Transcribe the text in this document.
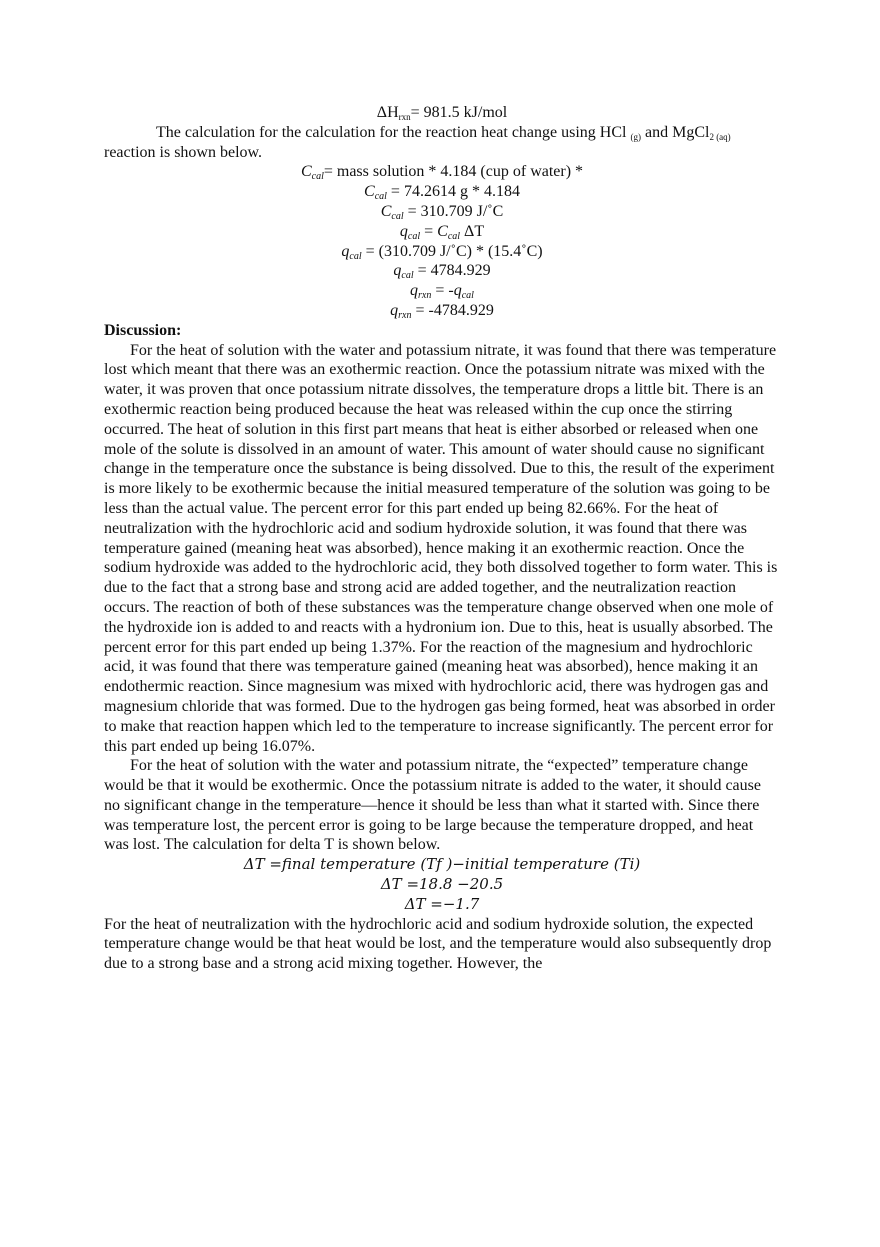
$\Delta H_{rxn}= 981.5$ kJ/mol

The calculation for the calculation for the reaction heat change using HCl $_{(g)}$ and MgCl$_{2 (aq)}$ reaction is shown below.

$C_{cal}=$ mass solution * 4.184 (cup of water) *
$C_{cal} = 74.2614$ g * 4.184
$C_{cal} = 310.709$ J/˚C
$q_{cal} = C_{cal}$ ΔT
$q_{cal} = (310.709$ J/˚C) * (15.4˚C)
$q_{cal} = 4784.929$
$q_{rxn} = -q_{cal}$
$q_{rxn} = -4784.929$
Discussion:

For the heat of solution with the water and potassium nitrate, it was found that there was temperature lost which meant that there was an exothermic reaction. Once the potassium nitrate was mixed with the water, it was proven that once potassium nitrate dissolves, the temperature drops a little bit. There is an exothermic reaction being produced because the heat was released within the cup once the stirring occurred. The heat of solution in this first part means that heat is either absorbed or released when one mole of the solute is dissolved in an amount of water. This amount of water should cause no significant change in the temperature once the substance is being dissolved. Due to this, the result of the experiment is more likely to be exothermic because the initial measured temperature of the solution was going to be less than the actual value. The percent error for this part ended up being 82.66%. For the heat of neutralization with the hydrochloric acid and sodium hydroxide solution, it was found that there was temperature gained (meaning heat was absorbed), hence making it an exothermic reaction. Once the sodium hydroxide was added to the hydrochloric acid, they both dissolved together to form water. This is due to the fact that a strong base and strong acid are added together, and the neutralization reaction occurs. The reaction of both of these substances was the temperature change observed when one mole of the hydroxide ion is added to and reacts with a hydronium ion. Due to this, heat is usually absorbed. The percent error for this part ended up being 1.37%. For the reaction of the magnesium and hydrochloric acid, it was found that there was temperature gained (meaning heat was absorbed), hence making it an endothermic reaction. Since magnesium was mixed with hydrochloric acid, there was hydrogen gas and magnesium chloride that was formed. Due to the hydrogen gas being formed, heat was absorbed in order to make that reaction happen which led to the temperature to increase significantly. The percent error for this part ended up being 16.07%.

For the heat of solution with the water and potassium nitrate, the “expected” temperature change would be that it would be exothermic. Once the potassium nitrate is added to the water, it should cause no significant change in the temperature—hence it should be less than what it started with. Since there was temperature lost, the percent error is going to be large because the temperature dropped, and heat was lost. The calculation for delta T is shown below.

ΔT =final temperature (Tf )−initial temperature (Ti)
ΔT =18.8 −20.5
ΔT =−1.7

For the heat of neutralization with the hydrochloric acid and sodium hydroxide solution, the expected temperature change would be that heat would be lost, and the temperature would also subsequently drop due to a strong base and a strong acid mixing together. However, the
